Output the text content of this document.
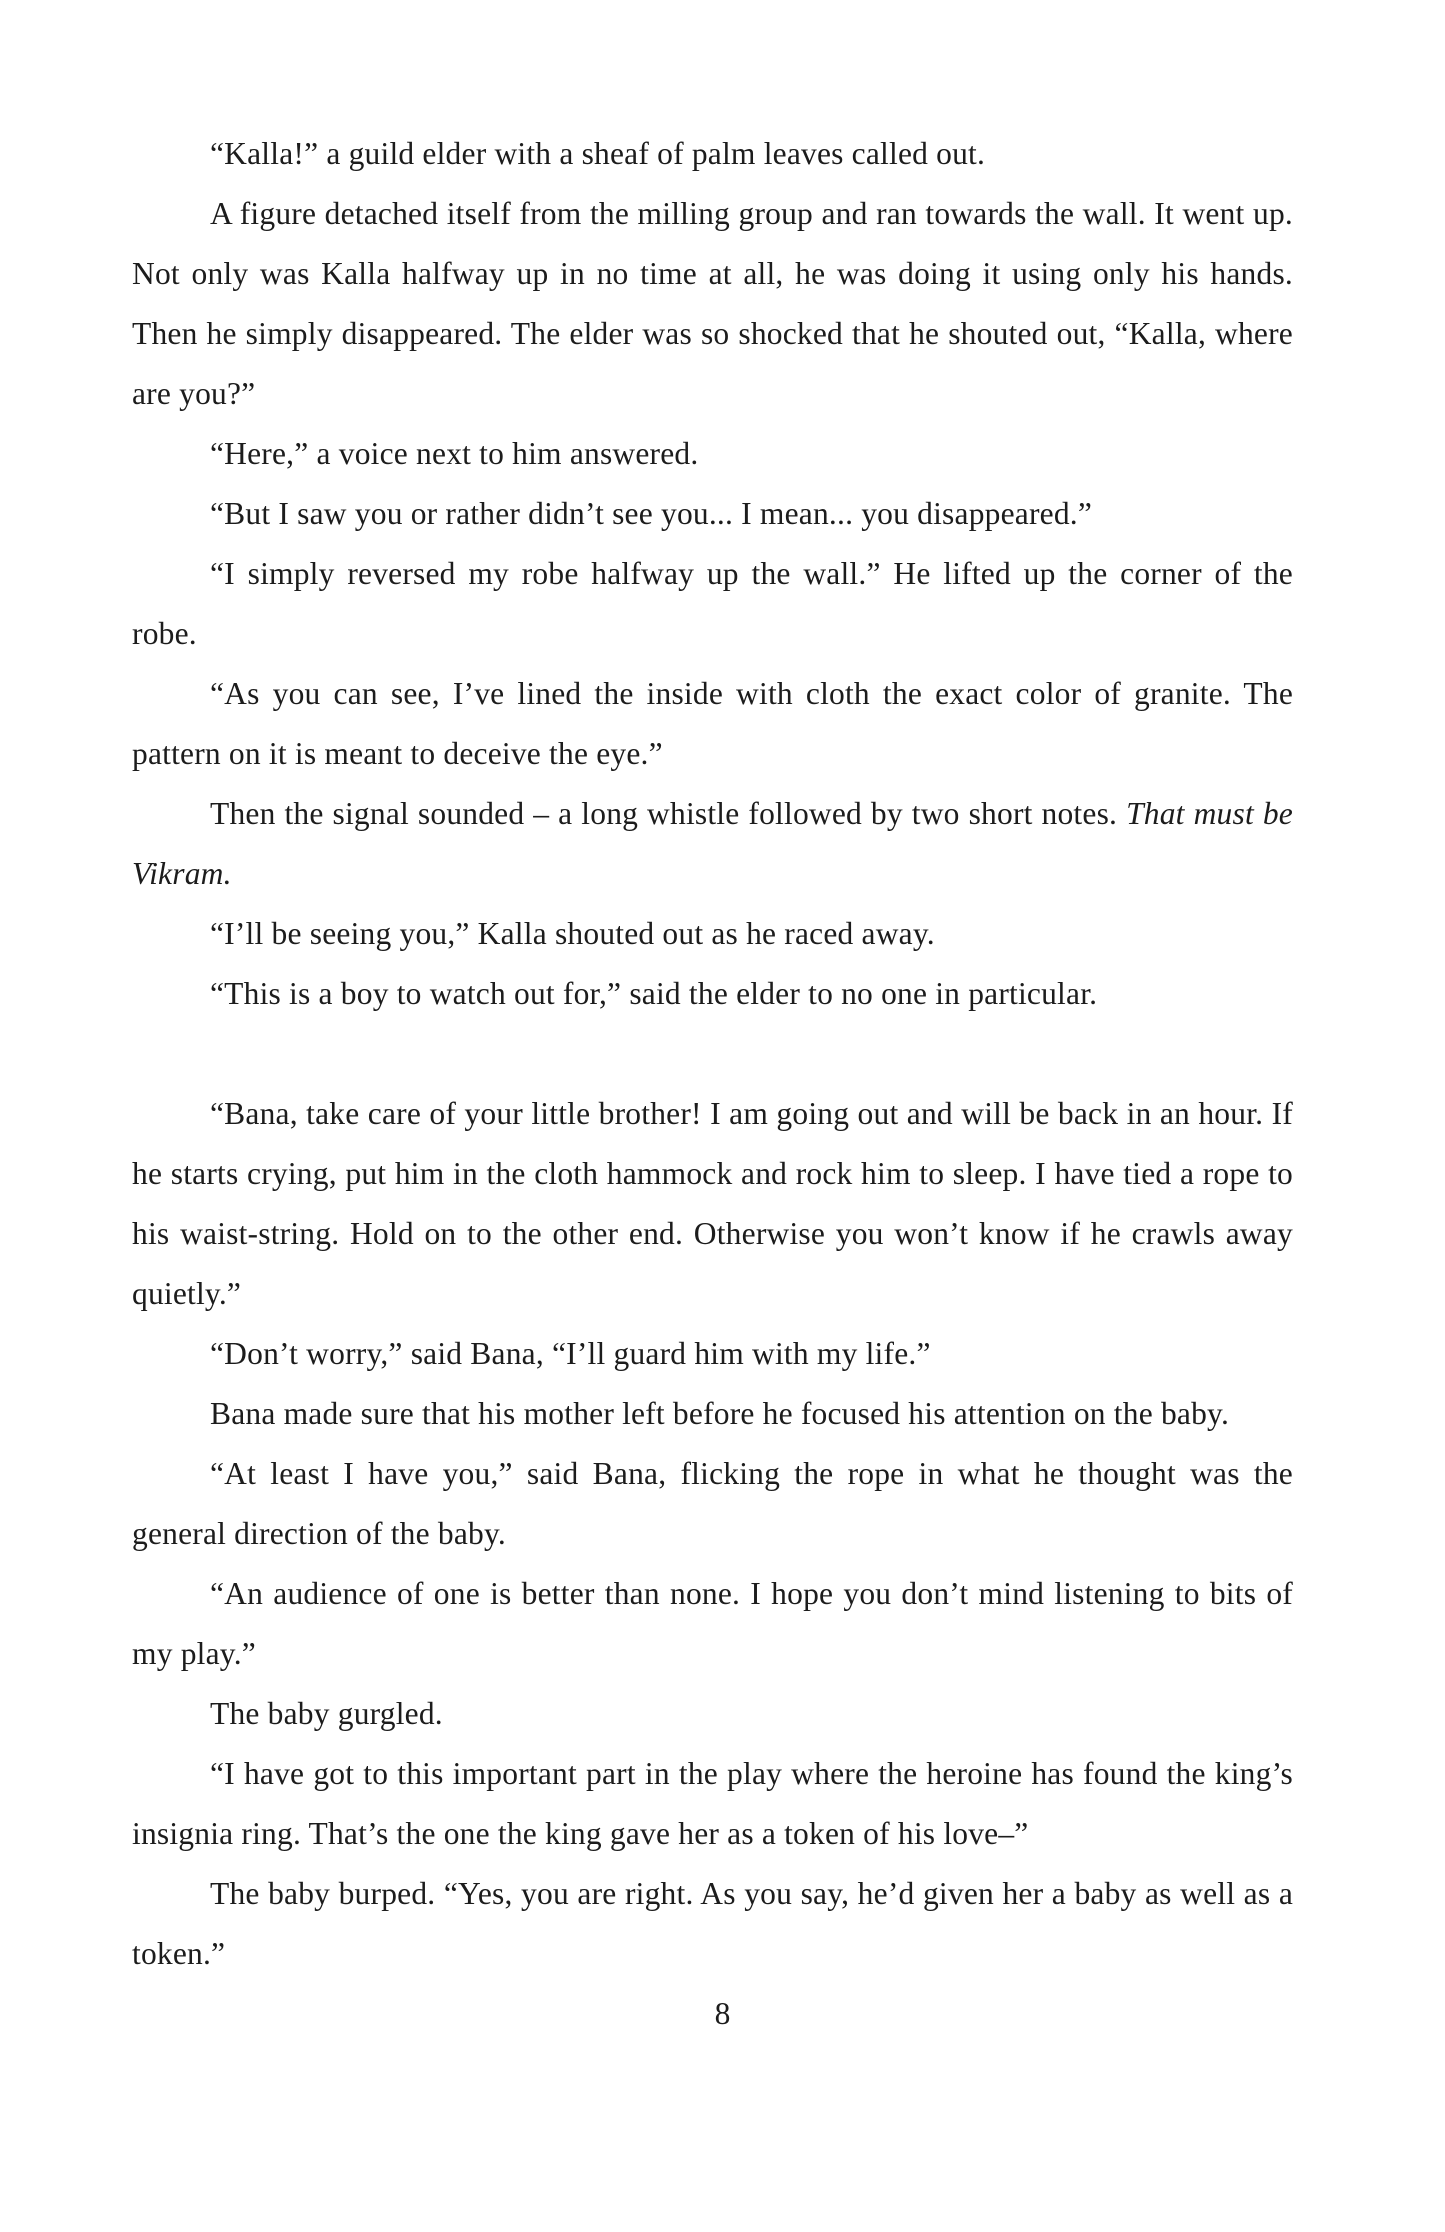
“Kalla!” a guild elder with a sheaf of palm leaves called out.

A figure detached itself from the milling group and ran towards the wall. It went up. Not only was Kalla halfway up in no time at all, he was doing it using only his hands. Then he simply disappeared. The elder was so shocked that he shouted out, “Kalla, where are you?”

“Here,” a voice next to him answered.

“But I saw you or rather didn’t see you... I mean... you disappeared.”

“I simply reversed my robe halfway up the wall.” He lifted up the corner of the robe.

“As you can see, I’ve lined the inside with cloth the exact color of granite. The pattern on it is meant to deceive the eye.”

Then the signal sounded – a long whistle followed by two short notes. That must be Vikram.

“I’ll be seeing you,” Kalla shouted out as he raced away.

“This is a boy to watch out for,” said the elder to no one in particular.

“Bana, take care of your little brother! I am going out and will be back in an hour. If he starts crying, put him in the cloth hammock and rock him to sleep. I have tied a rope to his waist-string. Hold on to the other end. Otherwise you won’t know if he crawls away quietly.”

“Don’t worry,” said Bana, “I’ll guard him with my life.”

Bana made sure that his mother left before he focused his attention on the baby.

“At least I have you,” said Bana, flicking the rope in what he thought was the general direction of the baby.

“An audience of one is better than none. I hope you don’t mind listening to bits of my play.”

The baby gurgled.

“I have got to this important part in the play where the heroine has found the king’s insignia ring. That’s the one the king gave her as a token of his love–”

The baby burped. “Yes, you are right. As you say, he’d given her a baby as well as a token.”

8
